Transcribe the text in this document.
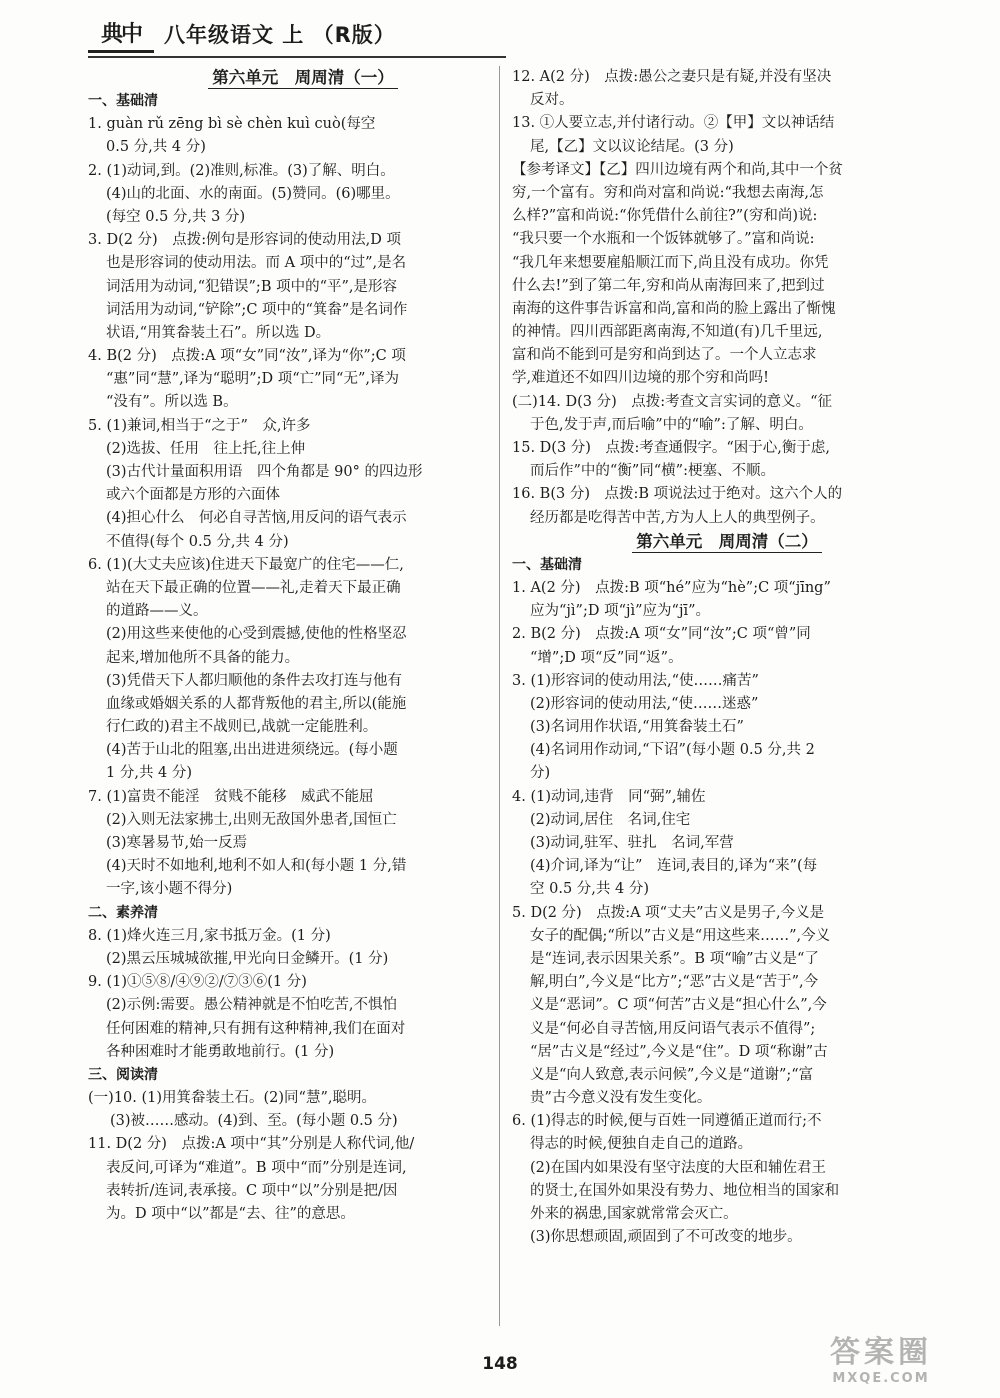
典中	八年级语文 上 （R版）
第六单元　周周清（一）
一、基础清
1. guàn rǔ zēng bì sè chèn kuì cuò(每空
0.5 分,共 4 分)
2. (1)动词,到。(2)准则,标准。(3)了解、明白。
(4)山的北面、水的南面。(5)赞同。(6)哪里。
(每空 0.5 分,共 3 分)
3. D(2 分)　点拨:例句是形容词的使动用法,D 项
也是形容词的使动用法。而 A 项中的“过”,是名
词活用为动词,“犯错误”;B 项中的“平”,是形容
词活用为动词,“铲除”;C 项中的“箕畚”是名词作
状语,“用箕畚装土石”。所以选 D。
4. B(2 分)　点拨:A 项“女”同“汝”,译为“你”;C 项
“惠”同“慧”,译为“聪明”;D 项“亡”同“无”,译为
“没有”。所以选 B。
5. (1)兼词,相当于“之于”　众,许多
(2)选拔、任用　往上托,往上伸
(3)古代计量面积用语　四个角都是 90° 的四边形
或六个面都是方形的六面体
(4)担心什么　何必自寻苦恼,用反问的语气表示
不值得(每个 0.5 分,共 4 分)
6. (1)(大丈夫应该)住进天下最宽广的住宅——仁,
站在天下最正确的位置——礼,走着天下最正确
的道路——义。
(2)用这些来使他的心受到震撼,使他的性格坚忍
起来,增加他所不具备的能力。
(3)凭借天下人都归顺他的条件去攻打连与他有
血缘或婚姻关系的人都背叛他的君主,所以(能施
行仁政的)君主不战则已,战就一定能胜利。
(4)苦于山北的阻塞,出出进进须绕远。(每小题
1 分,共 4 分)
7. (1)富贵不能淫　贫贱不能移　威武不能屈
(2)入则无法家拂士,出则无敌国外患者,国恒亡
(3)寒暑易节,始一反焉
(4)天时不如地利,地利不如人和(每小题 1 分,错
一字,该小题不得分)
二、素养清
8. (1)烽火连三月,家书抵万金。(1 分)
(2)黑云压城城欲摧,甲光向日金鳞开。(1 分)
9. (1)①⑤⑧/④⑨②/⑦③⑥(1 分)
(2)示例:需要。愚公精神就是不怕吃苦,不惧怕
任何困难的精神,只有拥有这种精神,我们在面对
各种困难时才能勇敢地前行。(1 分)
三、阅读清
(一)10. (1)用箕畚装土石。(2)同“慧”,聪明。
(3)被……感动。(4)到、至。(每小题 0.5 分)
11. D(2 分)　点拨:A 项中“其”分别是人称代词,他/
表反问,可译为“难道”。B 项中“而”分别是连词,
表转折/连词,表承接。C 项中“以”分别是把/因
为。D 项中“以”都是“去、往”的意思。
12. A(2 分)　点拨:愚公之妻只是有疑,并没有坚决
反对。
13. ①人要立志,并付诸行动。②【甲】文以神话结
尾,【乙】文以议论结尾。(3 分)
【参考译文】【乙】四川边境有两个和尚,其中一个贫
穷,一个富有。穷和尚对富和尚说:“我想去南海,怎
么样?”富和尚说:“你凭借什么前往?”(穷和尚)说:
“我只要一个水瓶和一个饭钵就够了。”富和尚说:
“我几年来想要雇船顺江而下,尚且没有成功。你凭
什么去!”到了第二年,穷和尚从南海回来了,把到过
南海的这件事告诉富和尚,富和尚的脸上露出了惭愧
的神情。四川西部距离南海,不知道(有)几千里远,
富和尚不能到可是穷和尚到达了。一个人立志求
学,难道还不如四川边境的那个穷和尚吗!
(二)14. D(3 分)　点拨:考查文言实词的意义。“征
于色,发于声,而后喻”中的“喻”:了解、明白。
15. D(3 分)　点拨:考查通假字。“困于心,衡于虑,
而后作”中的“衡”同“横”:梗塞、不顺。
16. B(3 分)　点拨:B 项说法过于绝对。这六个人的
经历都是吃得苦中苦,方为人上人的典型例子。
第六单元　周周清（二）
一、基础清
1. A(2 分)　点拨:B 项“hé”应为“hè”;C 项“jīng”
应为“jì”;D 项“jì”应为“jī”。
2. B(2 分)　点拨:A 项“女”同“汝”;C 项“曾”同
“增”;D 项“反”同“返”。
3. (1)形容词的使动用法,“使……痛苦”
(2)形容词的使动用法,“使……迷惑”
(3)名词用作状语,“用箕畚装土石”
(4)名词用作动词,“下诏”(每小题 0.5 分,共 2
分)
4. (1)动词,违背　同“弼”,辅佐
(2)动词,居住　名词,住宅
(3)动词,驻军、驻扎　名词,军营
(4)介词,译为“让”　连词,表目的,译为“来”(每
空 0.5 分,共 4 分)
5. D(2 分)　点拨:A 项“丈夫”古义是男子,今义是
女子的配偶;“所以”古义是“用这些来……”,今义
是“连词,表示因果关系”。B 项“喻”古义是“了
解,明白”,今义是“比方”;“恶”古义是“苦于”,今
义是“恶词”。C 项“何苦”古义是“担心什么”,今
义是“何必自寻苦恼,用反问语气表示不值得”;
“居”古义是“经过”,今义是“住”。D 项“称谢”古
义是“向人致意,表示问候”,今义是“道谢”;“富
贵”古今意义没有发生变化。
6. (1)得志的时候,便与百姓一同遵循正道而行;不
得志的时候,便独自走自己的道路。
(2)在国内如果没有坚守法度的大臣和辅佐君王
的贤士,在国外如果没有势力、地位相当的国家和
外来的祸患,国家就常常会灭亡。
(3)你思想顽固,顽固到了不可改变的地步。
148	答案圈
MXQE.COM
